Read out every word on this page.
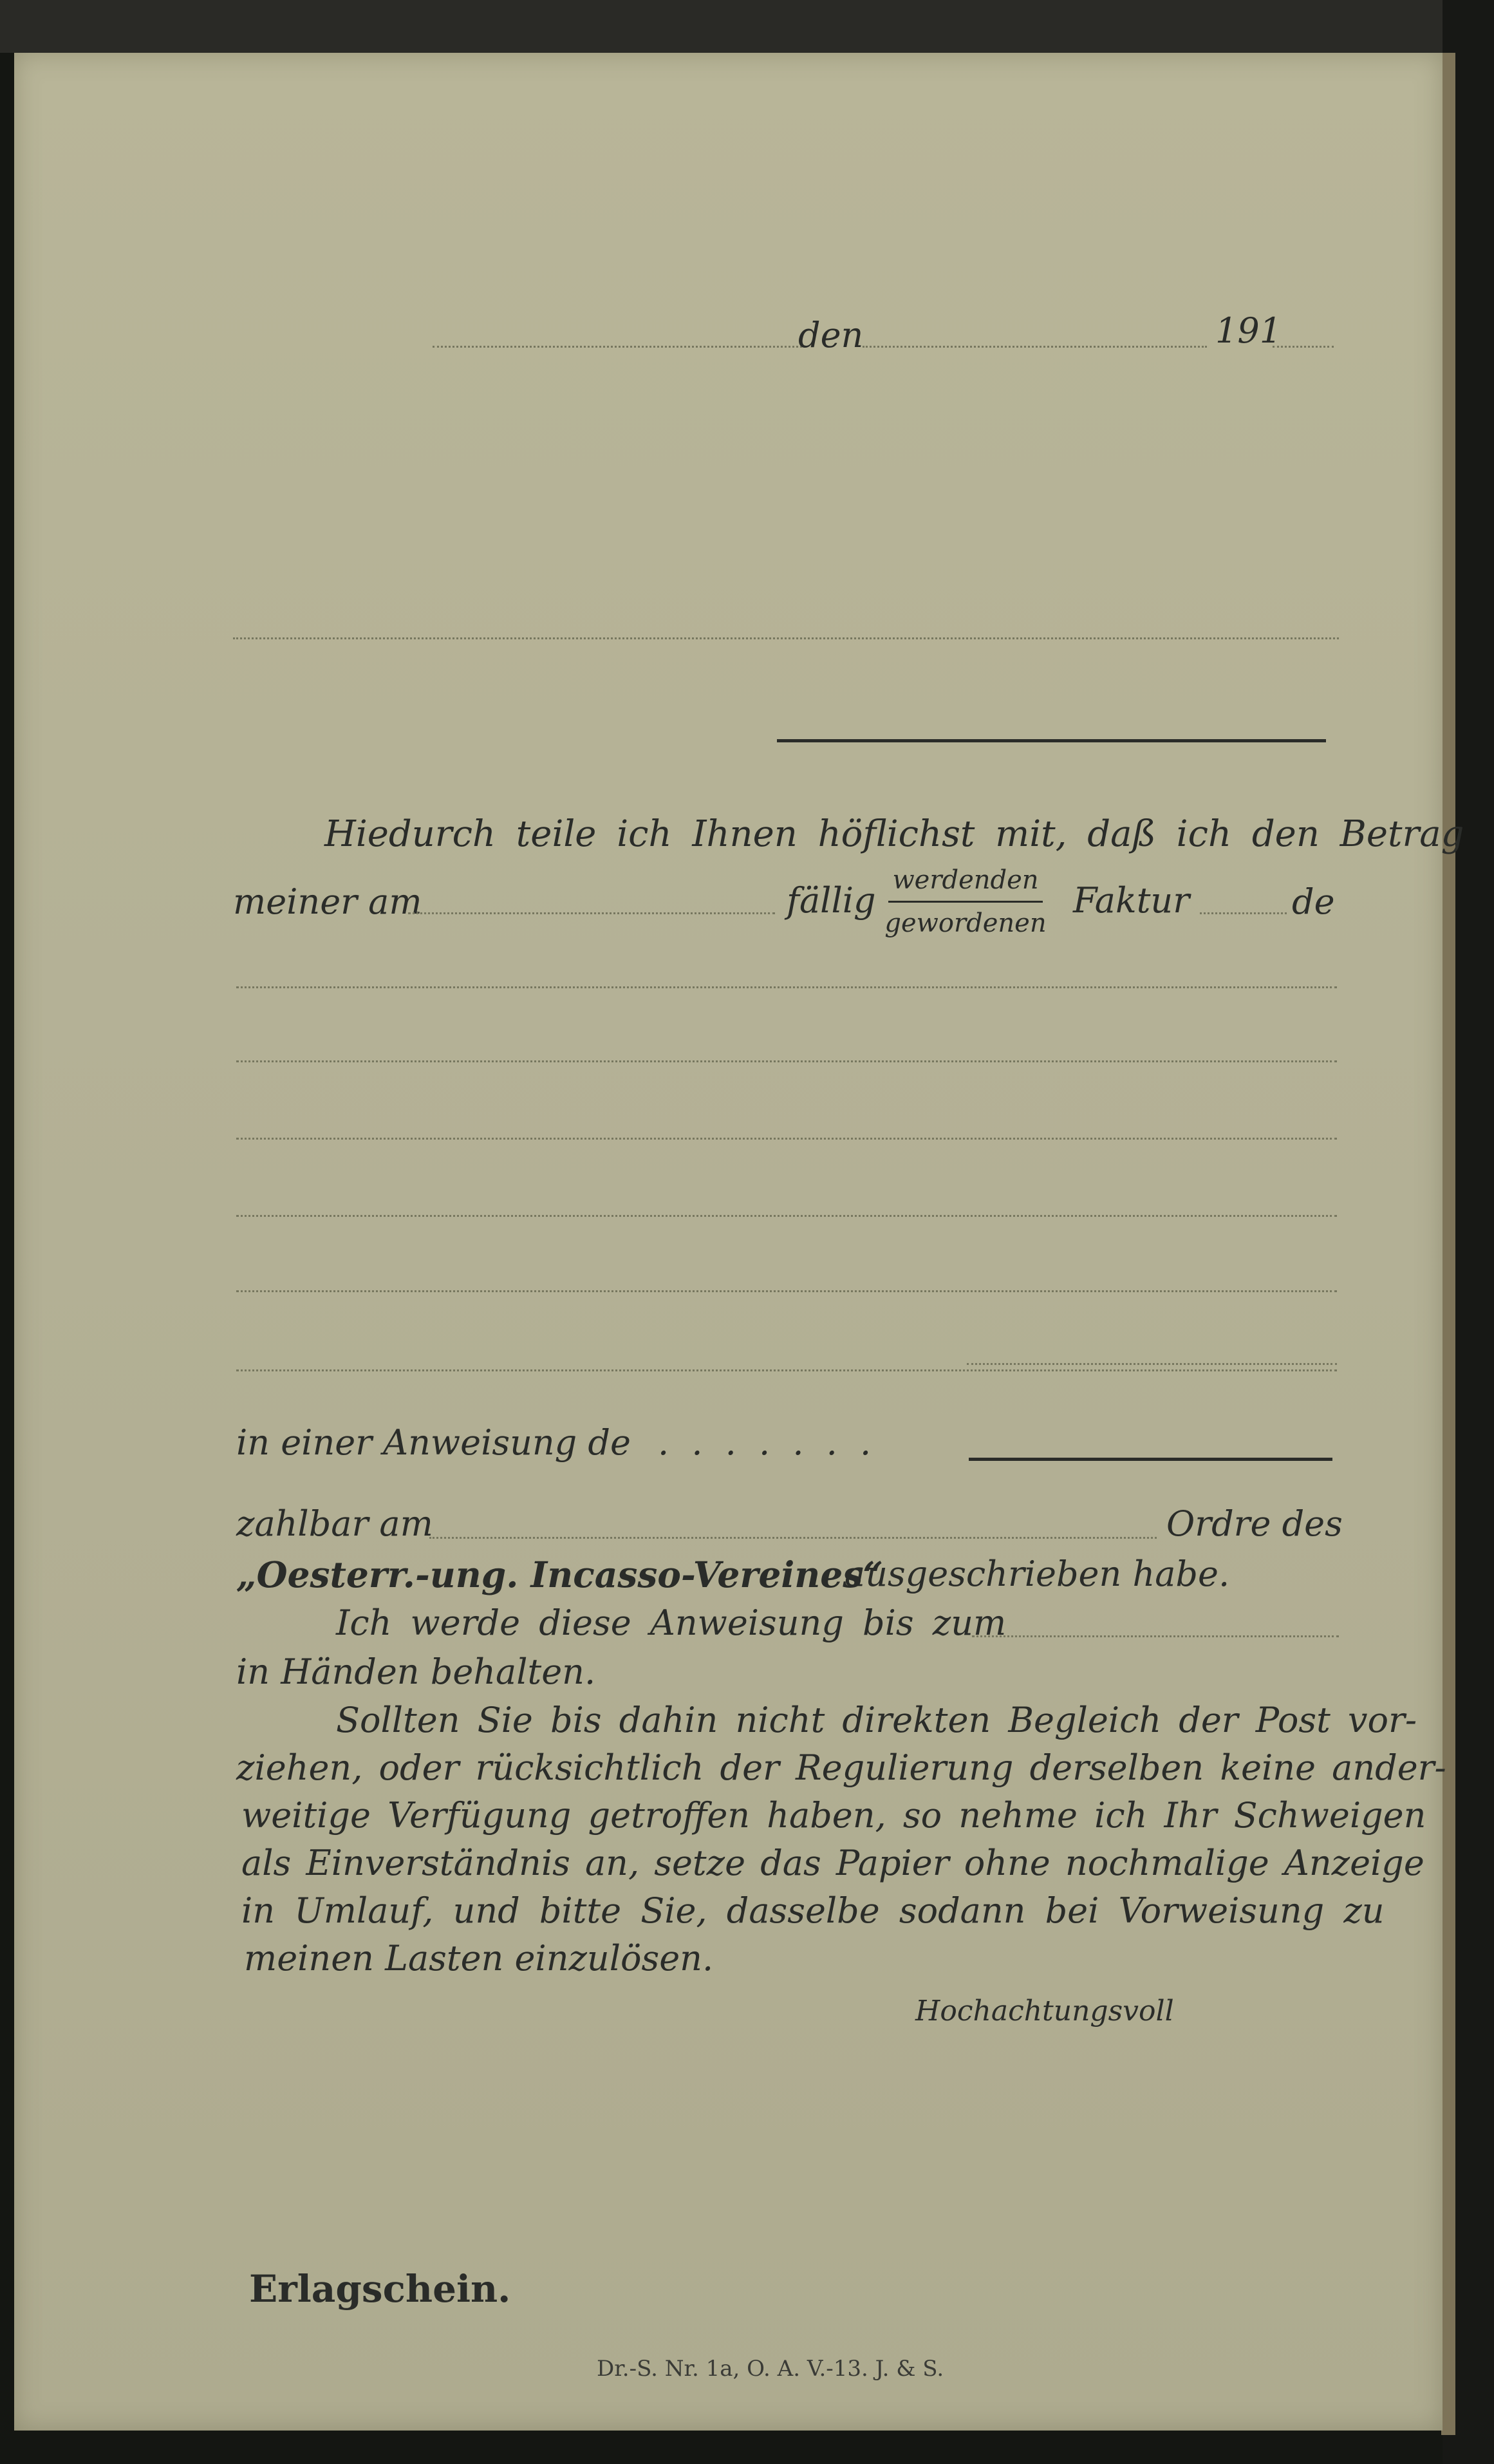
den	191
Hiedurch teile ich Ihnen höflichst mit, daß ich den Betrag
meiner am	fällig werdenden
gewordenen
Faktur	de
in einer Anweisung de . . . . . . .
zahlbar am	Ordre des
„Oesterr.-ung. Incasso-Vereines“
ausgeschrieben habe.
Ich werde diese Anweisung bis zum
in Händen behalten.
Sollten Sie bis dahin nicht direkten Begleich der Post vor-
ziehen, oder rücksichtlich der Regulierung derselben keine ander-
weitige Verfügung getroffen haben, so nehme ich Ihr Schweigen
als Einverständnis an, setze das Papier ohne nochmalige Anzeige
in Umlauf, und bitte Sie, dasselbe sodann bei Vorweisung zu
meinen Lasten einzulösen.
Hochachtungsvoll
Erlagschein.
Dr.-S. Nr. 1a, O. A. V.-13. J. & S.
